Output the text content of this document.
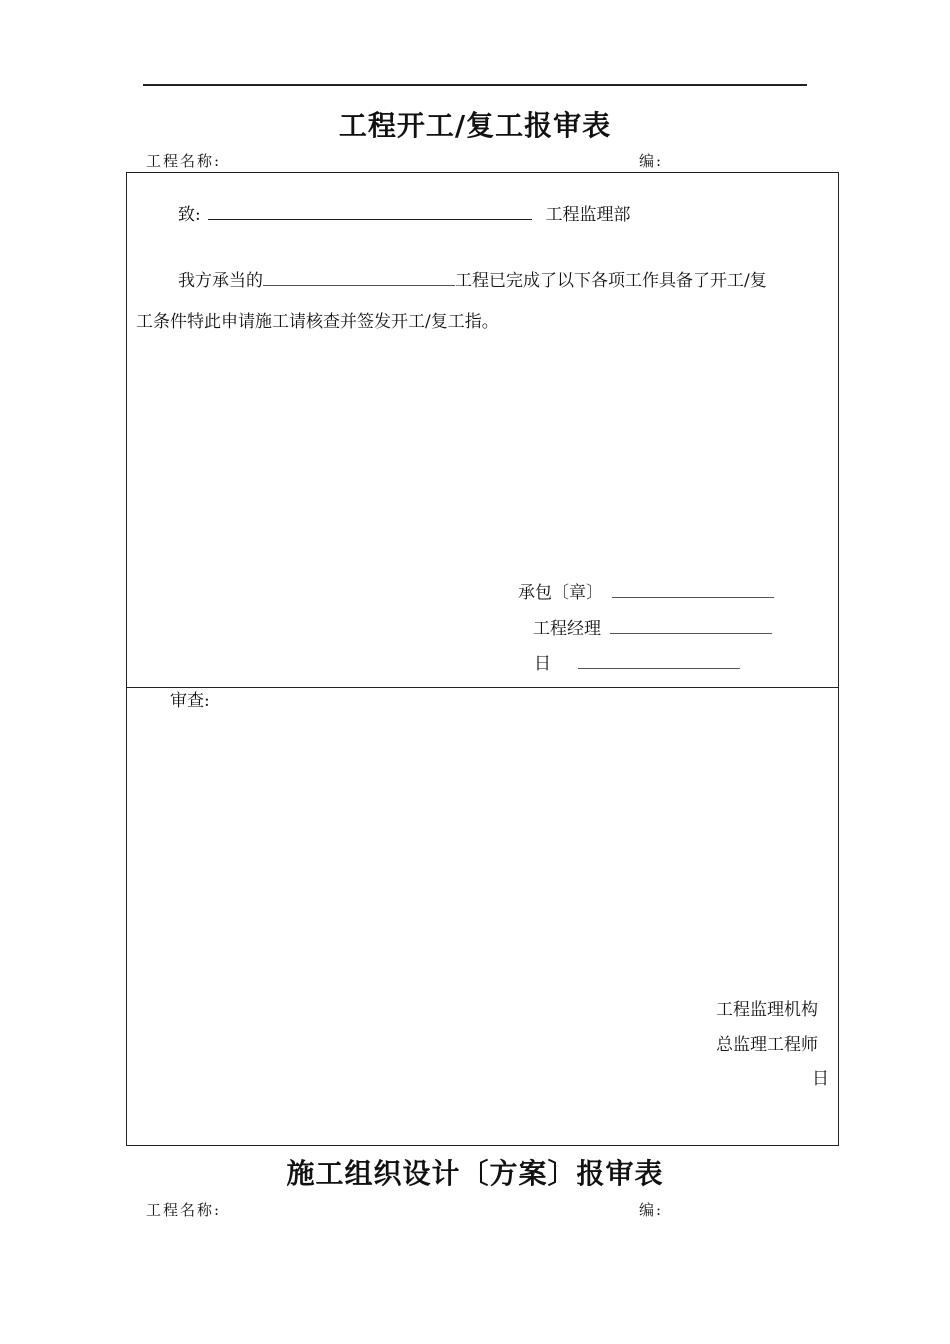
工程开工/复工报审表
工程名称:	编:
致:	工程监理部
我方承当的	工程已完成了以下各项工作具备了开工/复
工条件特此申请施工请核查并签发开工/复工指。
承包〔章〕
工程经理
日
审查:
工程监理机构
总监理工程师
日
施工组织设计〔方案〕报审表
工程名称:	编:
